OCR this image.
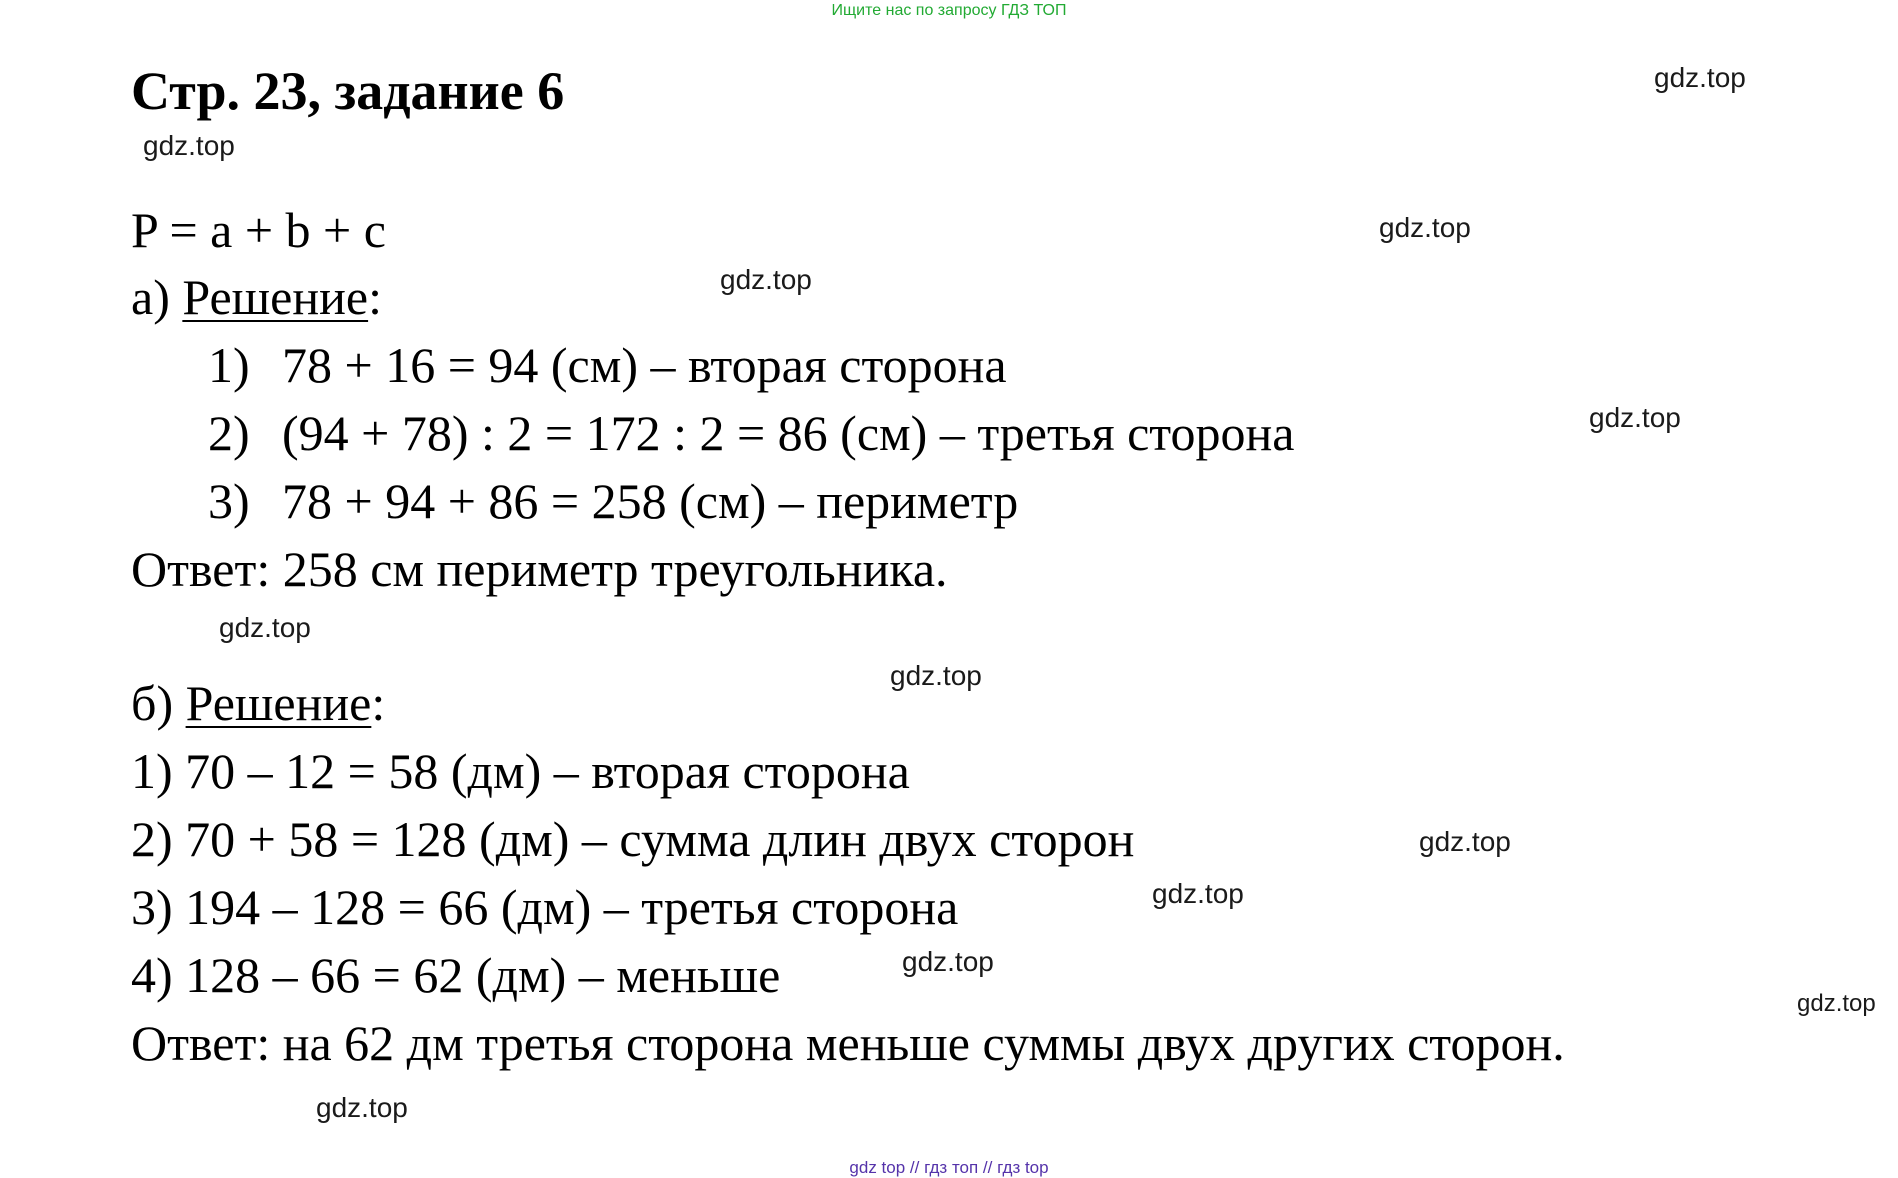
Ищите нас по запросу ГДЗ ТОП
Стр. 23, задание 6
P = a + b + c
а) Решение:
1) 78 + 16 = 94 (см) – вторая сторона
2) (94 + 78) : 2 = 172 : 2 = 86 (см) – третья сторона
3) 78 + 94 + 86 = 258 (см) – периметр
Ответ: 258 см периметр треугольника.
б) Решение:
1) 70 – 12 = 58 (дм) – вторая сторона
2) 70 + 58 = 128 (дм) – сумма длин двух сторон
3) 194 – 128 = 66 (дм) – третья сторона
4) 128 – 66 = 62 (дм) – меньше
Ответ: на 62 дм третья сторона меньше суммы двух других сторон.
gdz.top
gdz.top
gdz.top
gdz.top
gdz.top
gdz.top
gdz.top
gdz.top
gdz.top
gdz.top
gdz.top
gdz.top
gdz top // гдз топ // гдз top
